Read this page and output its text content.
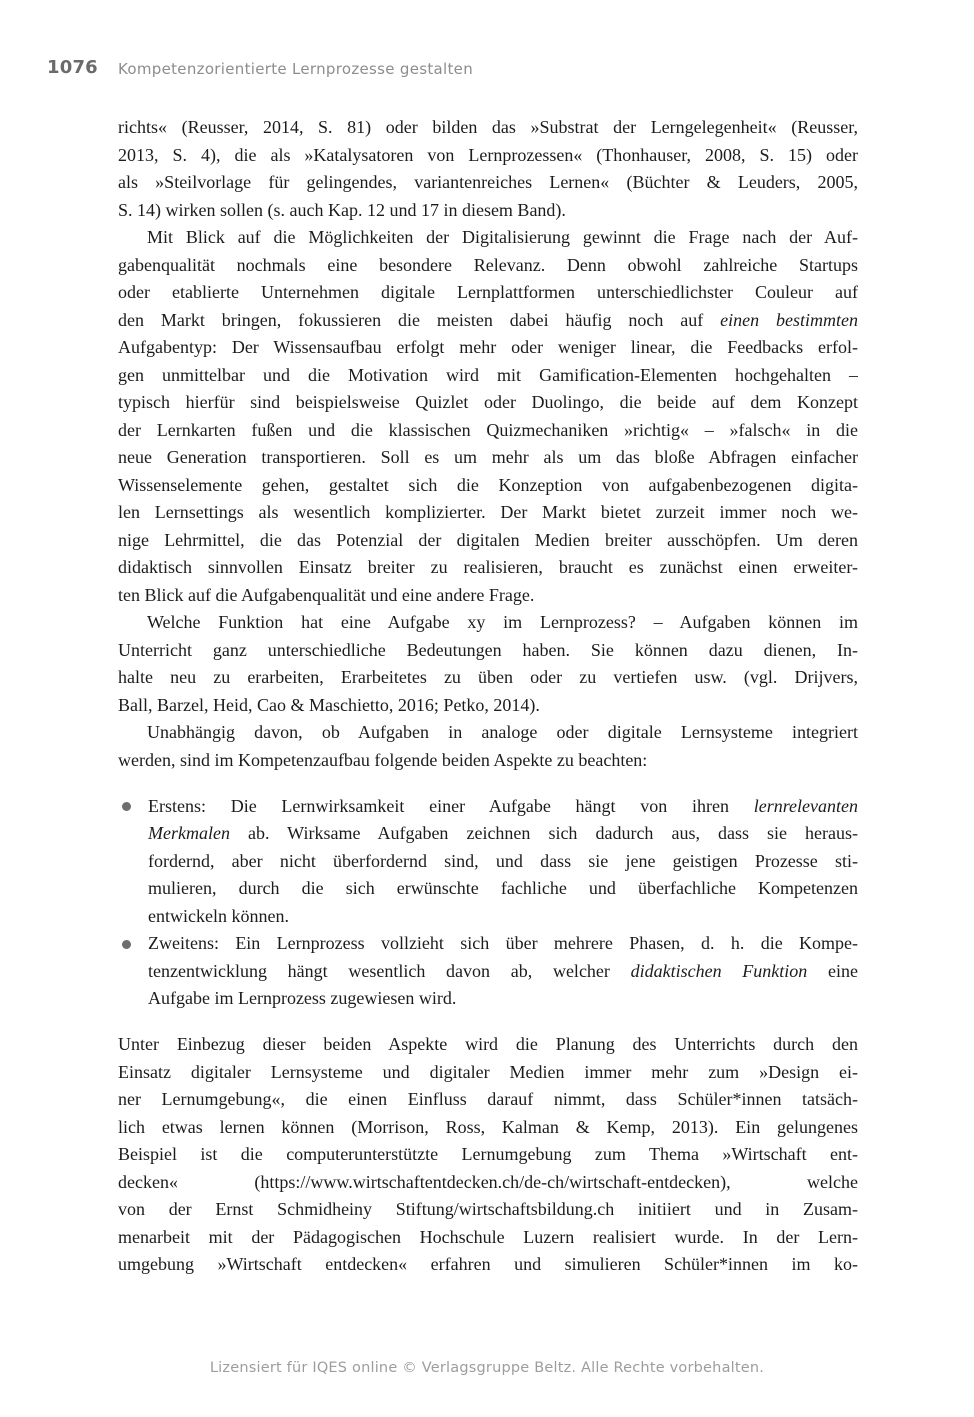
1076 Kompetenzorientierte Lernprozesse gestalten
richts« (Reusser, 2014, S. 81) oder bilden das »Substrat der Lerngelegenheit« (Reusser,
2013, S. 4), die als »Katalysatoren von Lernprozessen« (Thonhauser, 2008, S. 15) oder
als »Steilvorlage für gelingendes, variantenreiches Lernen« (Büchter & Leuders, 2005,
S. 14) wirken sollen (s. auch Kap. 12 und 17 in diesem Band).
Mit Blick auf die Möglichkeiten der Digitalisierung gewinnt die Frage nach der Auf-
gabenqualität nochmals eine besondere Relevanz. Denn obwohl zahlreiche Startups
oder etablierte Unternehmen digitale Lernplattformen unterschiedlichster Couleur auf
den Markt bringen, fokussieren die meisten dabei häufig noch auf einen bestimmten
Aufgabentyp: Der Wissensaufbau erfolgt mehr oder weniger linear, die Feedbacks erfol-
gen unmittelbar und die Motivation wird mit Gamification-Elementen hochgehalten –
typisch hierfür sind beispielsweise Quizlet oder Duolingo, die beide auf dem Konzept
der Lernkarten fußen und die klassischen Quizmechaniken »richtig« – »falsch« in die
neue Generation transportieren. Soll es um mehr als um das bloße Abfragen einfacher
Wissenselemente gehen, gestaltet sich die Konzeption von aufgabenbezogenen digita-
len Lernsettings als wesentlich komplizierter. Der Markt bietet zurzeit immer noch we-
nige Lehrmittel, die das Potenzial der digitalen Medien breiter ausschöpfen. Um deren
didaktisch sinnvollen Einsatz breiter zu realisieren, braucht es zunächst einen erweiter-
ten Blick auf die Aufgabenqualität und eine andere Frage.
Welche Funktion hat eine Aufgabe xy im Lernprozess? – Aufgaben können im
Unterricht ganz unterschiedliche Bedeutungen haben. Sie können dazu dienen, In-
halte neu zu erarbeiten, Erarbeitetes zu üben oder zu vertiefen usw. (vgl. Drijvers,
Ball, Barzel, Heid, Cao & Maschietto, 2016; Petko, 2014).
Unabhängig davon, ob Aufgaben in analoge oder digitale Lernsysteme integriert
werden, sind im Kompetenzaufbau folgende beiden Aspekte zu beachten:
Erstens: Die Lernwirksamkeit einer Aufgabe hängt von ihren lernrelevanten
Merkmalen ab. Wirksame Aufgaben zeichnen sich dadurch aus, dass sie heraus-
fordernd, aber nicht überfordernd sind, und dass sie jene geistigen Prozesse sti-
mulieren, durch die sich erwünschte fachliche und überfachliche Kompetenzen
entwickeln können.
Zweitens: Ein Lernprozess vollzieht sich über mehrere Phasen, d. h. die Kompe-
tenzentwicklung hängt wesentlich davon ab, welcher didaktischen Funktion eine
Aufgabe im Lernprozess zugewiesen wird.
Unter Einbezug dieser beiden Aspekte wird die Planung des Unterrichts durch den
Einsatz digitaler Lernsysteme und digitaler Medien immer mehr zum »Design ei-
ner Lernumgebung«, die einen Einfluss darauf nimmt, dass Schüler*innen tatsäch-
lich etwas lernen können (Morrison, Ross, Kalman & Kemp, 2013). Ein gelungenes
Beispiel ist die computerunterstützte Lernumgebung zum Thema »Wirtschaft ent-
decken« (https://www.wirtschaftentdecken.ch/de-ch/wirtschaft-entdecken), welche
von der Ernst Schmidheiny Stiftung/wirtschaftsbildung.ch initiiert und in Zusam-
menarbeit mit der Pädagogischen Hochschule Luzern realisiert wurde. In der Lern-
umgebung »Wirtschaft entdecken« erfahren und simulieren Schüler*innen im ko-
Lizensiert für IQES online © Verlagsgruppe Beltz. Alle Rechte vorbehalten.
